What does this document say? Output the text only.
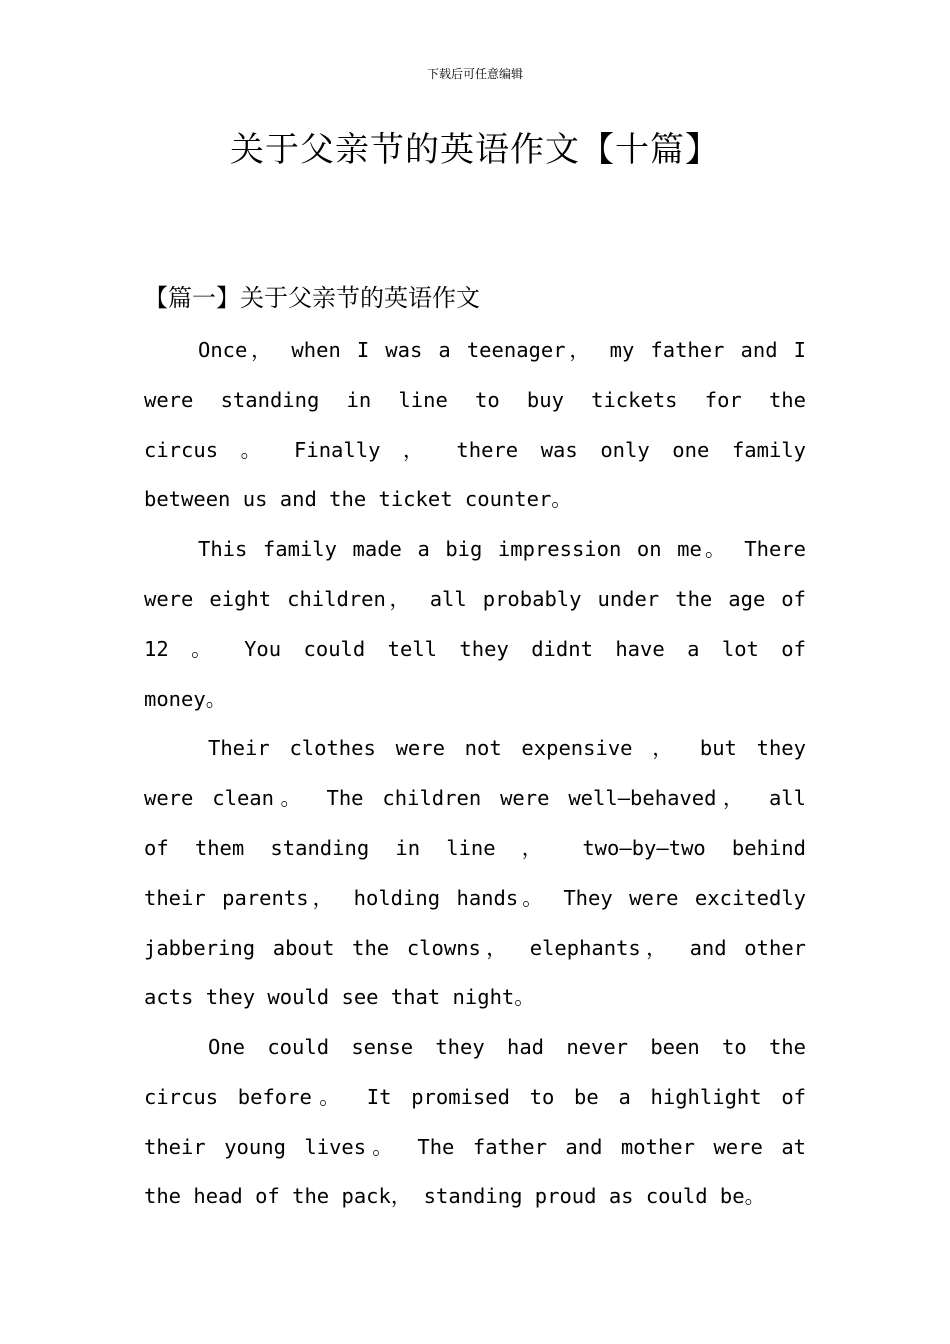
下载后可任意编辑
关于父亲节的英语作文【十篇】
【篇一】关于父亲节的英语作文
Once， when I was a teenager， my father and I
were standing in line to buy tickets for the
circus 。 Finally ， there was only one family
between us and the ticket counter。
This family made a big impression on me。 There
were eight children， all probably under the age of
12 。 You could tell they didnt have a lot of
money。
Their clothes were not expensive ， but they
were clean。 The children were well—behaved， all
of them standing in line ， two—by—two behind
their parents， holding hands。 They were excitedly
jabbering about the clowns， elephants， and other
acts they would see that night。
One could sense they had never been to the
circus before。 It promised to be a highlight of
their young lives。 The father and mother were at
the head of the pack， standing proud as could be。
